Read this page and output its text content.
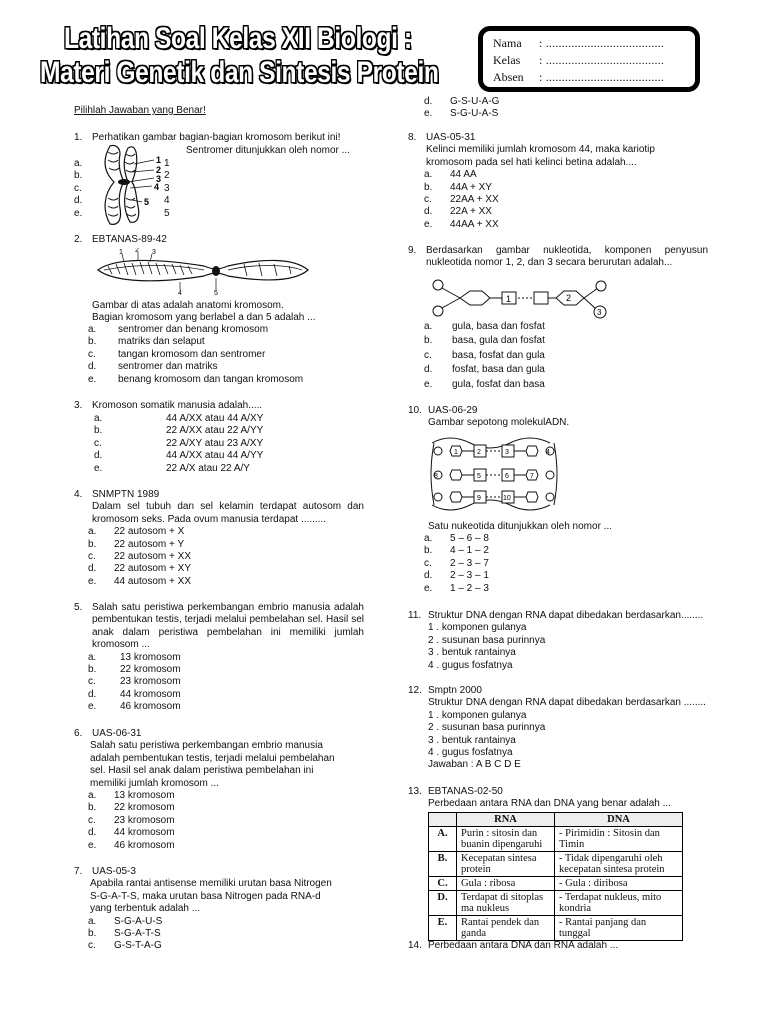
Latihan Soal Kelas XII Biologi :
Materi Genetik dan Sintesis Protein
Nama	: .....................................
Kelas	: .....................................
Absen	: .....................................
Pilihlah Jawaban yang Benar!
1. Perhatikan gambar bagian-bagian kromosom berikut ini!
Sentromer ditunjukkan oleh nomor ...
a.
b.
c.
d.
e.
1
2
3
4
5
1
2
3
4
5
2. EBTANAS-89-42
1 2 3
4	5
Gambar di atas adalah anatomi kromosom.
Bagian kromosom yang berlabel a dan 5 adalah ...
a.	sentromer dan benang kromosom
b.	matriks dan selaput
c.	tangan kromosom dan sentromer
d.	sentromer dan matriks
e.	benang kromosom dan tangan kromosom
3. Kromoson somatik manusia adalah.....
a.	44 A/XX atau 44 A/XY
b.	22 A/XX atau 22 A/YY
c.	22 A/XY atau 23 A/XY
d.	44 A/XX atau 44 A/YY
e.	22 A/X atau 22 A/Y
4. SNMPTN 1989
Dalam sel tubuh dan sel kelamin terdapat autosom dan kromosom seks. Pada ovum manusia terdapat .........
a.	22 autosom + X
b.	22 autosom + Y
c.	22 autosom + XX
d.	22 autosom + XY
e.	44 autosom + XX
5. Salah satu peristiwa perkembangan embrio manusia adalah pembentukan testis, terjadi melalui pembelahan sel. Hasil sel anak dalam peristiwa pembelahan ini memiliki jumlah kromosom ...
a.	13 kromosom
b.	22 kromosom
c.	23 kromosom
d.	44 kromosom
e.	46 kromosom
6. UAS-06-31
Salah satu peristiwa perkembangan embrio manusia
adalah pembentukan testis, terjadi melalui pembelahan
sel. Hasil sel anak dalam peristiwa pembelahan ini
memiliki jumlah kromosom ...
a.	13 kromosom
b.	22 kromosom
c.	23 kromosom
d.	44 kromosom
e.	46 kromosom
7. UAS-05-3
Apabila rantai antisense memiliki urutan basa Nitrogen
S-G-A-T-S, maka urutan basa Nitrogen pada RNA-d
yang terbentuk adalah ...
a.	S-G-A-U-S
b.	S-G-A-T-S
c.	G-S-T-A-G
d.	G-S-U-A-G
e.	S-G-U-A-S
8. UAS-05-31
Kelinci memiliki jumlah kromosom 44, maka kariotip
kromosom pada sel hati kelinci betina adalah....
a.	44 AA
b.	44A + XY
c.	22AA + XX
d.	22A + XX
e.	44AA + XX
9. Berdasarkan gambar nukleotida, komponen penyusun nukleotida nomor 1, 2, dan 3 secara berurutan adalah...
1	2
3
a.	gula, basa dan fosfat
b.	basa, gula dan fosfat
c.	basa, fosfat dan gula
d.	fosfat, basa dan gula
e.	gula, fosfat dan basa
10. UAS-06-29
Gambar sepotong molekulADN.
1	2	3	4
5	6	7
8
9	10
Satu nukeotida ditunjukkan oleh nomor ...
a.	5 – 6 – 8
b.	4 – 1 – 2
c.	2 – 3 – 7
d.	2 – 3 – 1
e.	1 – 2 – 3
11. Struktur DNA dengan RNA dapat dibedakan berdasarkan........
1 . komponen gulanya
2 . susunan basa purinnya
3 . bentuk rantainya
4 . gugus fosfatnya
12. Smptn 2000
Struktur DNA dengan RNA dapat dibedakan berdasarkan ........
1 . komponen gulanya
2 . susunan basa purinnya
3 . bentuk rantainya
4 . gugus fosfatnya
Jawaban : A B C D E
13. EBTANAS-02-50
Perbedaan antara RNA dan DNA yang benar adalah ...
	RNA	DNA
A.	Purin : sitosin dan buanin dipengaruhi	- Pirimidin : Sitosin dan Timin
B.	Kecepatan sintesa protein	- Tidak dipengaruhi oleh kecepatan sintesa protein
C.	Gula : ribosa	- Gula : diribosa
D.	Terdapat di sitoplas ma nukleus	- Terdapat nukleus, mito kondria
E.	Rantai pendek dan ganda	- Rantai panjang dan tunggal
14. Perbedaan antara DNA dan RNA adalah ...
